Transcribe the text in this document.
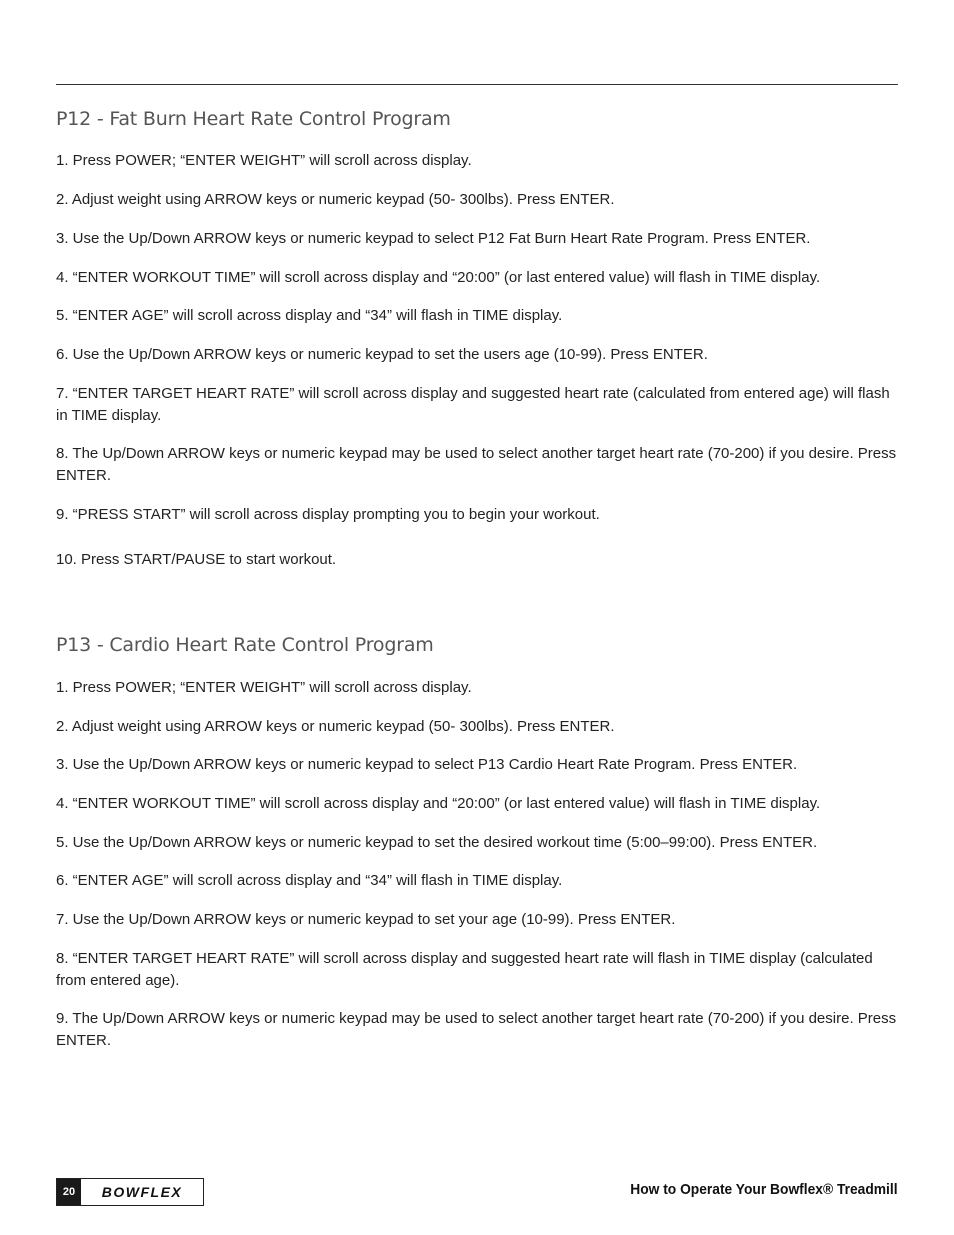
P12 - Fat Burn Heart Rate Control Program
1. Press POWER; “ENTER WEIGHT” will scroll across display.
2. Adjust weight using ARROW keys or numeric keypad (50- 300lbs). Press ENTER.
3. Use the Up/Down ARROW keys or numeric keypad to select P12 Fat Burn Heart Rate Program. Press ENTER.
4. “ENTER WORKOUT TIME” will scroll across display and “20:00” (or last entered value) will flash in TIME display.
5. “ENTER AGE” will scroll across display and “34” will flash in TIME display.
6. Use the Up/Down ARROW keys or numeric keypad to set the users age (10-99). Press ENTER.
7. “ENTER TARGET HEART RATE” will scroll across display and suggested heart rate (calculated from entered age) will flash in TIME display.
8. The Up/Down ARROW keys or numeric keypad may be used to select another target heart rate (70-200) if you desire. Press ENTER.
9. “PRESS START” will scroll across display prompting you to begin your workout.
10. Press START/PAUSE to start workout.
P13 - Cardio Heart Rate Control Program
1. Press POWER; “ENTER WEIGHT” will scroll across display.
2. Adjust weight using ARROW keys or numeric keypad (50- 300lbs). Press ENTER.
3. Use the Up/Down ARROW keys or numeric keypad to select P13 Cardio Heart Rate Program. Press ENTER.
4. “ENTER WORKOUT TIME” will scroll across display and “20:00” (or last entered value) will flash in TIME display.
5. Use the Up/Down ARROW keys or numeric keypad to set the desired workout time (5:00–99:00). Press ENTER.
6. “ENTER AGE” will scroll across display and “34” will flash in TIME display.
7. Use the Up/Down ARROW keys or numeric keypad to set your age (10-99). Press ENTER.
8. “ENTER TARGET HEART RATE” will scroll across display and suggested heart rate will flash in TIME display (calculated from entered age).
9. The Up/Down ARROW keys or numeric keypad may be used to select another target heart rate (70-200) if you desire. Press ENTER.
20	BOWFLEX	How to Operate Your Bowflex® Treadmill
